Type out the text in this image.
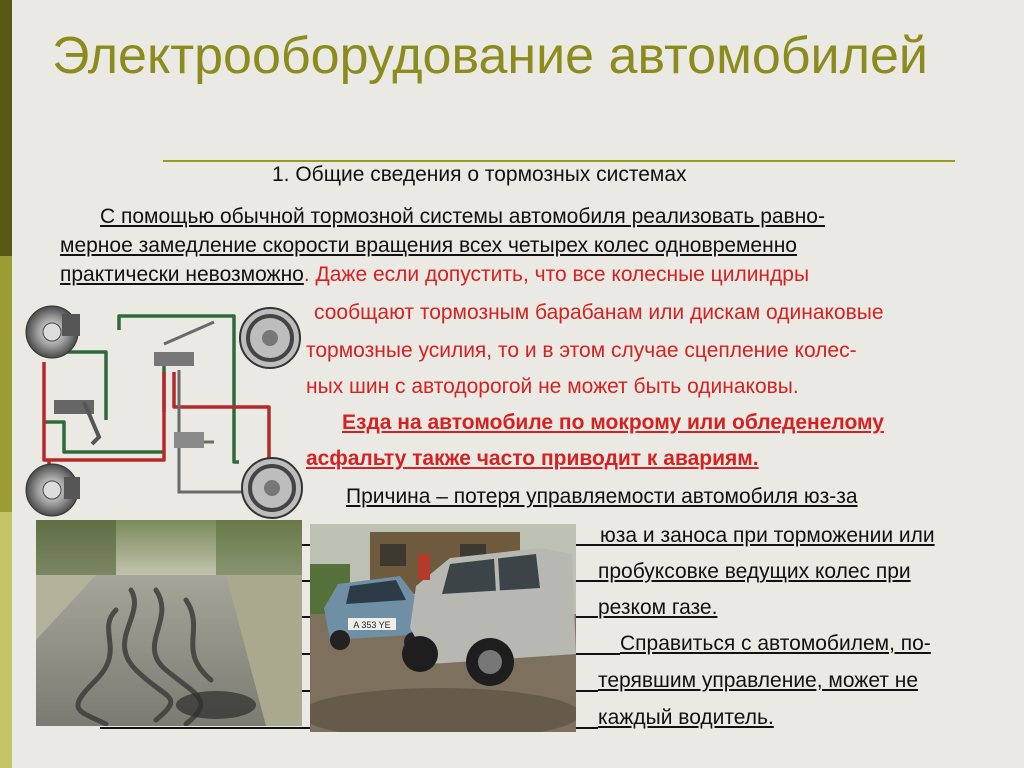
Электрооборудование автомобилей
1. Общие сведения о тормозных системах
С помощью обычной тормозной системы автомобиля реализовать равно-
мерное замедление скорости вращения всех четырех колес одновременно
практически невозможно. Даже если допустить, что все колесные цилиндры
сообщают тормозным барабанам или дискам одинаковые
тормозные усилия, то и в этом случае сцепление колес-
ных шин с автодорогой не может быть одинаковы.
Езда на автомобиле по мокрому или обледенелому
асфальту также часто приводит к авариям.
Причина – потеря управляемости автомобиля юз-за
юза и заноса при торможении или
пробуксовке ведущих колес при
резком газе.
Справиться с автомобилем, по-
терявшим управление, может не
каждый водитель.
A 353 YE
